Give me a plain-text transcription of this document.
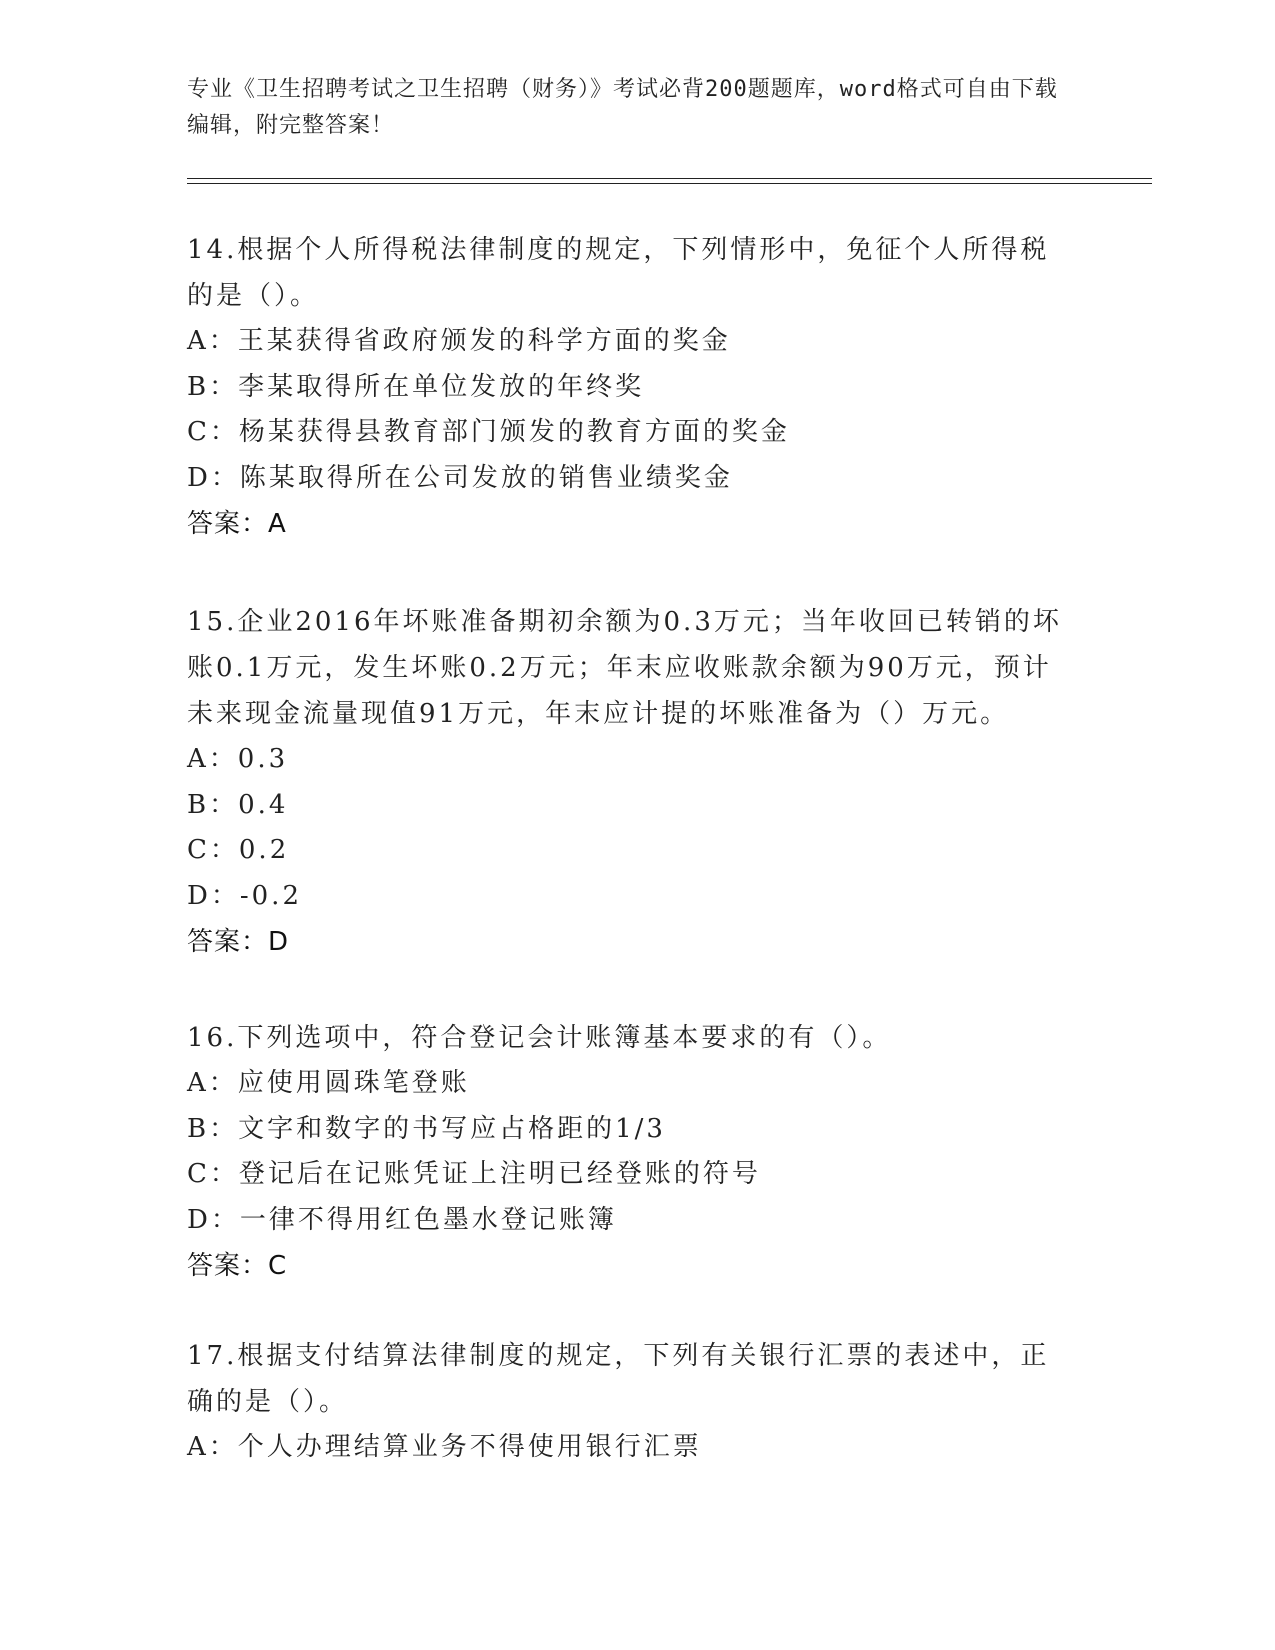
专业《卫生招聘考试之卫生招聘（财务）》考试必背200题题库，word格式可自由下载编辑，附完整答案！

14.根据个人所得税法律制度的规定，下列情形中，免征个人所得税的是（）。

A：王某获得省政府颁发的科学方面的奖金

B：李某取得所在单位发放的年终奖

C：杨某获得县教育部门颁发的教育方面的奖金

D：陈某取得所在公司发放的销售业绩奖金

答案：A

15.企业2016年坏账准备期初余额为0.3万元；当年收回已转销的坏账0.1万元，发生坏账0.2万元；年末应收账款余额为90万元，预计未来现金流量现值91万元，年末应计提的坏账准备为（）万元。

A：0.3

B：0.4

C：0.2

D：-0.2

答案：D

16.下列选项中，符合登记会计账簿基本要求的有（）。

A：应使用圆珠笔登账

B：文字和数字的书写应占格距的1/3

C：登记后在记账凭证上注明已经登账的符号

D：一律不得用红色墨水登记账簿

答案：C

17.根据支付结算法律制度的规定，下列有关银行汇票的表述中，正确的是（）。

A：个人办理结算业务不得使用银行汇票
